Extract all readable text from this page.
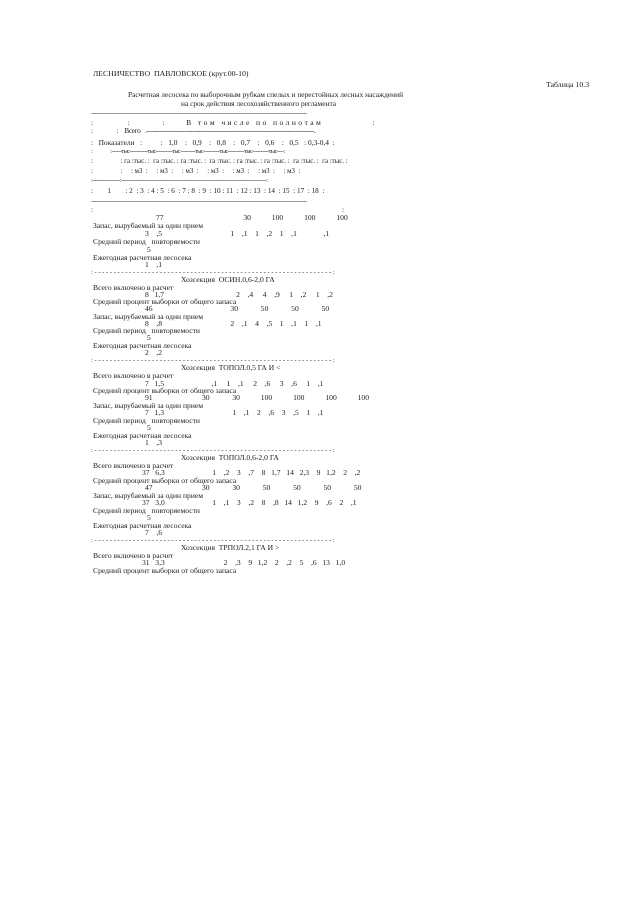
ЛЕСНИЧЕСТВО  ПАВЛОВСКОЕ (крут.00-10)
Таблица 10.3
Расчетная лесосека по выборочным рубкам спелых и перестойных лесных насаждений
на срок действия лесохозяйственного регламента
---------------------------------------------------------------------------------------------------------------------------------------
:                :               :          В   т о м   ч и с л е   п о   п о л н о т а м                        :
:                :    Всего   .--------------------------------------------------------------------------------.
:   Показатели   :          :   1,0    :   0,9    :   0,8    :   0,7    :   0,6    :   0,5   : 0,3-0,4  :
:                :------тыс-----------тыс----------тыс---------тыс----------тыс----------тыс----------тыс----:
:                : га :тыс. :  га :тыс. : га :тыс. :  га :тыс. : га :тыс. : га :тыс. :  га :тыс. :  га :тыс. :
:                :     : м3  :     : м3  :     : м3  :     : м3  :     : м3  :     : м3  :     : м3  :
:------------------:-----------------------------------------------------------------------------------------------:
:        1        : 2  : 3  : 4 : 5  : 6  : 7 : 8  : 9  : 10 : 11  : 12 : 13  : 14  : 15  : 17  : 18  :
---------------------------------------------------------------------------------------------------------------------------------------
:	:
77                                          30           100           100           100
Запас, вырубаемый за один прием
3    ,5                                    1    ,1    1    ,2    1    ,1              ,1
Средний период   повторяемости
5
Ежегодная расчетная лесосека
1    ,1
: - - - - - - - - - - - - - - - - - - - - - - - - - - - - - - - - - - - - - - - - - - - - - - - - - - - - - - - - - - - - - - :
Хозсекция  ОСИН.0,6-2,0 ГА
Всего включено в расчет
8   1,7                                      2    ,4     4    ,9     1    ,2     1    ,2
Средний процент выборки от общего запаса
46                                         30            50            50            50
Запас, вырубаемый за один прием
8    ,8                                    2    ,1    4    ,5    1    ,1    1    ,1
Средний период   повторяемости
5
Ежегодная расчетная лесосека
2    ,2
: - - - - - - - - - - - - - - - - - - - - - - - - - - - - - - - - - - - - - - - - - - - - - - - - - - - - - - - - - - - - - - :
Хозсекция  ТОПОЛ.0,5 ГА И <
Всего включено в расчет
7   1,5                         ,1     1    ,1     2    ,6     3    ,6     1    ,1
Средний процент выборки от общего запаса
91                          30            30           100           100           100           100
Запас, вырубаемый за один прием
7   1,3                                    1    ,1    2    ,6    3    ,5    1    ,1
Средний период   повторяемости
5
Ежегодная расчетная лесосека
1    ,3
: - - - - - - - - - - - - - - - - - - - - - - - - - - - - - - - - - - - - - - - - - - - - - - - - - - - - - - - - - - - - - - :
Хозсекция  ТОПОЛ.0,6-2,0 ГА
Всего включено в расчет
37   6,3                         1    ,2    3    ,7    8   1,7   14   2,3    9   1,2    2    ,2
Средний процент выборки от общего запаса
47                          30            30            50            50            50            50
Запас, вырубаемый за один прием
37   3,0                         1    ,1    3    ,2    8    ,8   14   1,2    9    ,6    2    ,1
Средний период   повторяемости
5
Ежегодная расчетная лесосека
7    ,6
: - - - - - - - - - - - - - - - - - - - - - - - - - - - - - - - - - - - - - - - - - - - - - - - - - - - - - - - - - - - - - - :
Хозсекция  ТРПОЛ.2,1 ГА И >
Всего включено в расчет
31   3,3                               2    ,3    9   1,2    2    ,2    5    ,6   13   1,0
Средний процент выборки от общего запаса
